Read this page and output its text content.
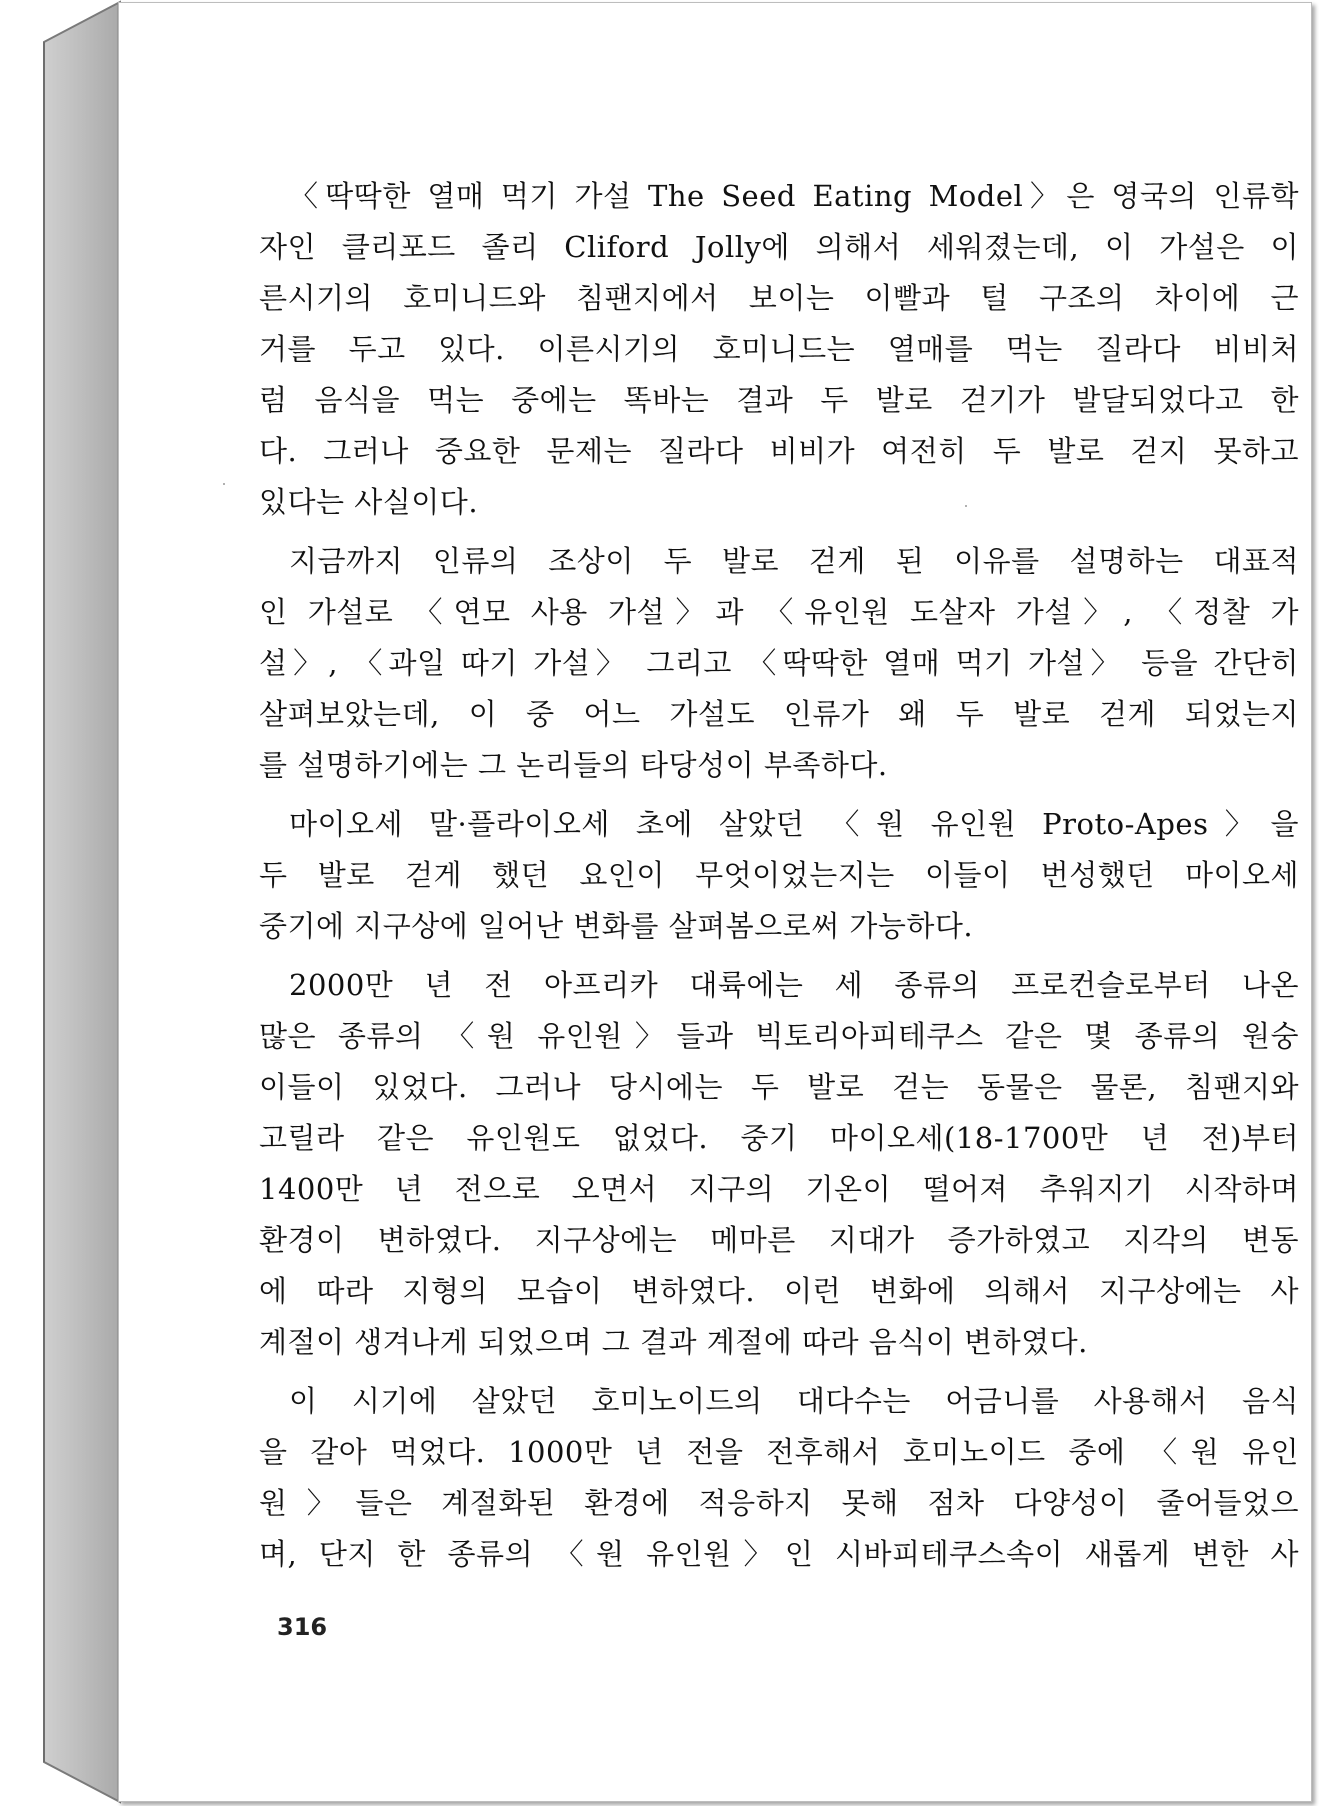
〈딱딱한 열매 먹기 가설 The Seed Eating Model〉은 영국의 인류학
자인 클리포드 졸리 Cliford Jolly에 의해서 세워졌는데, 이 가설은 이
른시기의 호미니드와 침팬지에서 보이는 이빨과 털 구조의 차이에 근
거를 두고 있다. 이른시기의 호미니드는 열매를 먹는 질라다 비비처
럼 음식을 먹는 중에는 똑바는 결과 두 발로 걷기가 발달되었다고 한
다. 그러나 중요한 문제는 질라다 비비가 여전히 두 발로 걷지 못하고
있다는 사실이다.
지금까지 인류의 조상이 두 발로 걷게 된 이유를 설명하는 대표적
인 가설로 〈연모 사용 가설〉과 〈유인원 도살자 가설〉, 〈정찰 가
설〉, 〈과일 따기 가설〉 그리고 〈딱딱한 열매 먹기 가설〉 등을 간단히
살펴보았는데, 이 중 어느 가설도 인류가 왜 두 발로 걷게 되었는지
를 설명하기에는 그 논리들의 타당성이 부족하다.
마이오세 말·플라이오세 초에 살았던 〈원 유인원 Proto-Apes〉을
두 발로 걷게 했던 요인이 무엇이었는지는 이들이 번성했던 마이오세
중기에 지구상에 일어난 변화를 살펴봄으로써 가능하다.
2000만 년 전 아프리카 대륙에는 세 종류의 프로컨슬로부터 나온
많은 종류의 〈원 유인원〉들과 빅토리아피테쿠스 같은 몇 종류의 원숭
이들이 있었다. 그러나 당시에는 두 발로 걷는 동물은 물론, 침팬지와
고릴라 같은 유인원도 없었다. 중기 마이오세(18-1700만 년 전)부터
1400만 년 전으로 오면서 지구의 기온이 떨어져 추워지기 시작하며
환경이 변하였다. 지구상에는 메마른 지대가 증가하였고 지각의 변동
에 따라 지형의 모습이 변하였다. 이런 변화에 의해서 지구상에는 사
계절이 생겨나게 되었으며 그 결과 계절에 따라 음식이 변하였다.
이 시기에 살았던 호미노이드의 대다수는 어금니를 사용해서 음식
을 갈아 먹었다. 1000만 년 전을 전후해서 호미노이드 중에 〈원 유인
원〉들은 계절화된 환경에 적응하지 못해 점차 다양성이 줄어들었으
며, 단지 한 종류의 〈원 유인원〉인 시바피테쿠스속이 새롭게 변한 사
316
